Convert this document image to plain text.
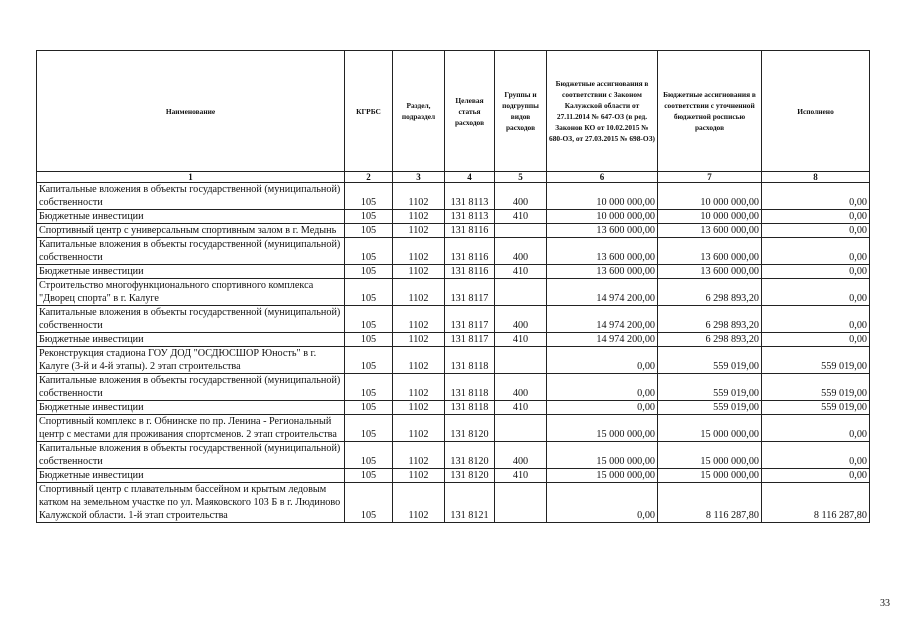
Наименование	КГРБС	Раздел, подраздел	Целевая статья расходов	Группы и подгруппы видов расходов	Бюджетные ассигнования в соответствии с Законом Калужской области от 27.11.2014 № 647-ОЗ (в ред. Законов КО от 10.02.2015 № 680-ОЗ, от 27.03.2015 № 698-ОЗ)	Бюджетные ассигнования в соответствии с уточненной бюджетной росписью расходов	Исполнено
1	2	3	4	5	6	7	8
Капитальные вложения в объекты государственной (муниципальной) собственности	105	1102	131 8113	400	10 000 000,00	10 000 000,00	0,00
Бюджетные инвестиции	105	1102	131 8113	410	10 000 000,00	10 000 000,00	0,00
Спортивный центр с универсальным спортивным залом в г. Медынь	105	1102	131 8116		13 600 000,00	13 600 000,00	0,00
Капитальные вложения в объекты государственной (муниципальной) собственности	105	1102	131 8116	400	13 600 000,00	13 600 000,00	0,00
Бюджетные инвестиции	105	1102	131 8116	410	13 600 000,00	13 600 000,00	0,00
Строительство многофункционального спортивного комплекса "Дворец спорта" в г. Калуге	105	1102	131 8117		14 974 200,00	6 298 893,20	0,00
Капитальные вложения в объекты государственной (муниципальной) собственности	105	1102	131 8117	400	14 974 200,00	6 298 893,20	0,00
Бюджетные инвестиции	105	1102	131 8117	410	14 974 200,00	6 298 893,20	0,00
Реконструкция стадиона ГОУ ДОД "ОСДЮСШОР Юность" в г. Калуге (3-й и 4-й этапы). 2 этап строительства	105	1102	131 8118		0,00	559 019,00	559 019,00
Капитальные вложения в объекты государственной (муниципальной) собственности	105	1102	131 8118	400	0,00	559 019,00	559 019,00
Бюджетные инвестиции	105	1102	131 8118	410	0,00	559 019,00	559 019,00
Спортивный комплекс в г. Обнинске по пр. Ленина - Региональный центр с местами для проживания спортсменов. 2 этап строительства	105	1102	131 8120		15 000 000,00	15 000 000,00	0,00
Капитальные вложения в объекты государственной (муниципальной) собственности	105	1102	131 8120	400	15 000 000,00	15 000 000,00	0,00
Бюджетные инвестиции	105	1102	131 8120	410	15 000 000,00	15 000 000,00	0,00
Спортивный центр с плавательным бассейном и крытым ледовым катком на земельном участке по ул. Маяковского 103 Б в г. Людиново Калужской области. 1-й этап строительства	105	1102	131 8121		0,00	8 116 287,80	8 116 287,80
33
